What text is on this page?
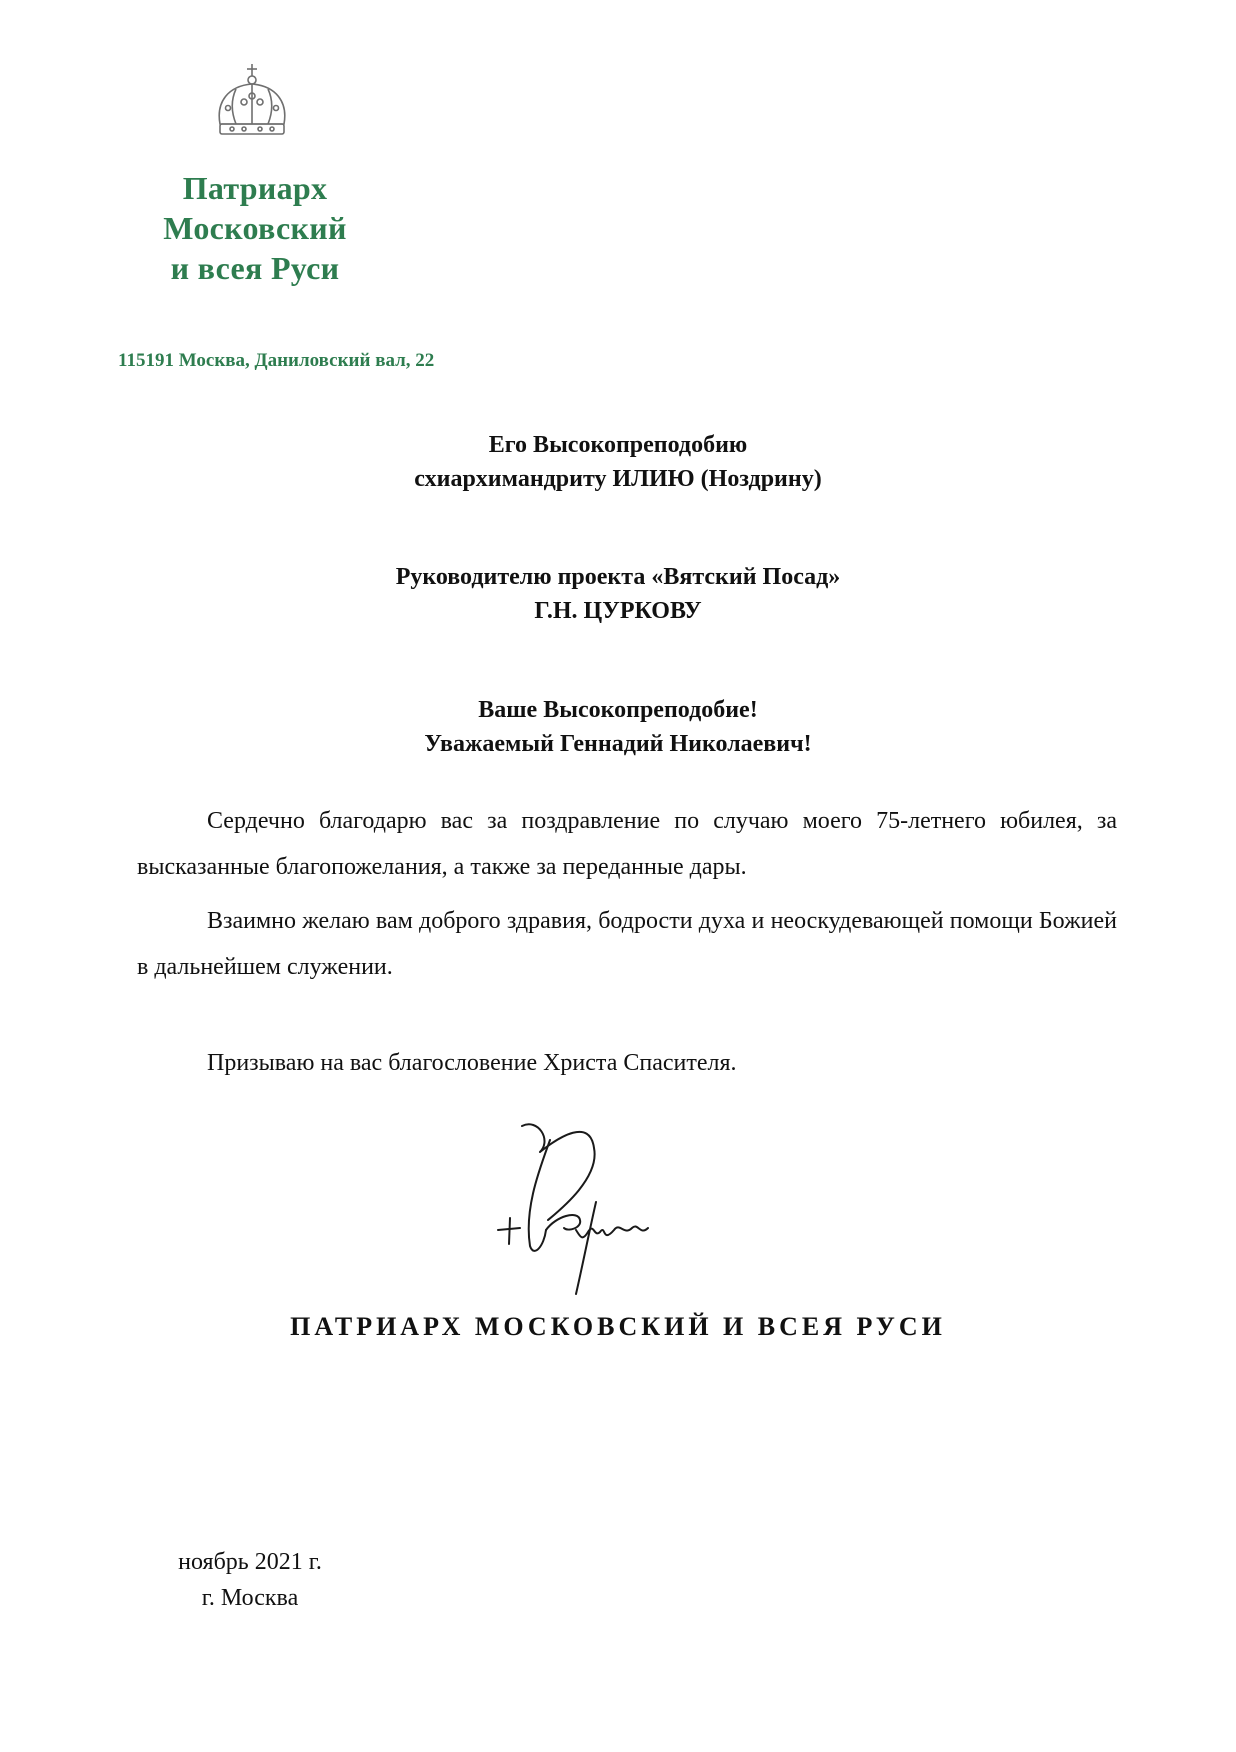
Патриарх
Московский
и всея Руси
115191 Москва, Даниловский вал, 22
Его Высокопреподобию
схиархимандриту ИЛИЮ (Ноздрину)
Руководителю проекта «Вятский Посад»
Г.Н. ЦУРКОВУ
Ваше Высокопреподобие!
Уважаемый Геннадий Николаевич!
Сердечно благодарю вас за поздравление по случаю моего 75-летнего юбилея, за высказанные благопожелания, а также за переданные дары.
Взаимно желаю вам доброго здравия, бодрости духа и неоскудевающей помощи Божией в дальнейшем служении.
Призываю на вас благословение Христа Спасителя.
ПАТРИАРХ МОСКОВСКИЙ И ВСЕЯ РУСИ
ноябрь 2021 г.
г. Москва
